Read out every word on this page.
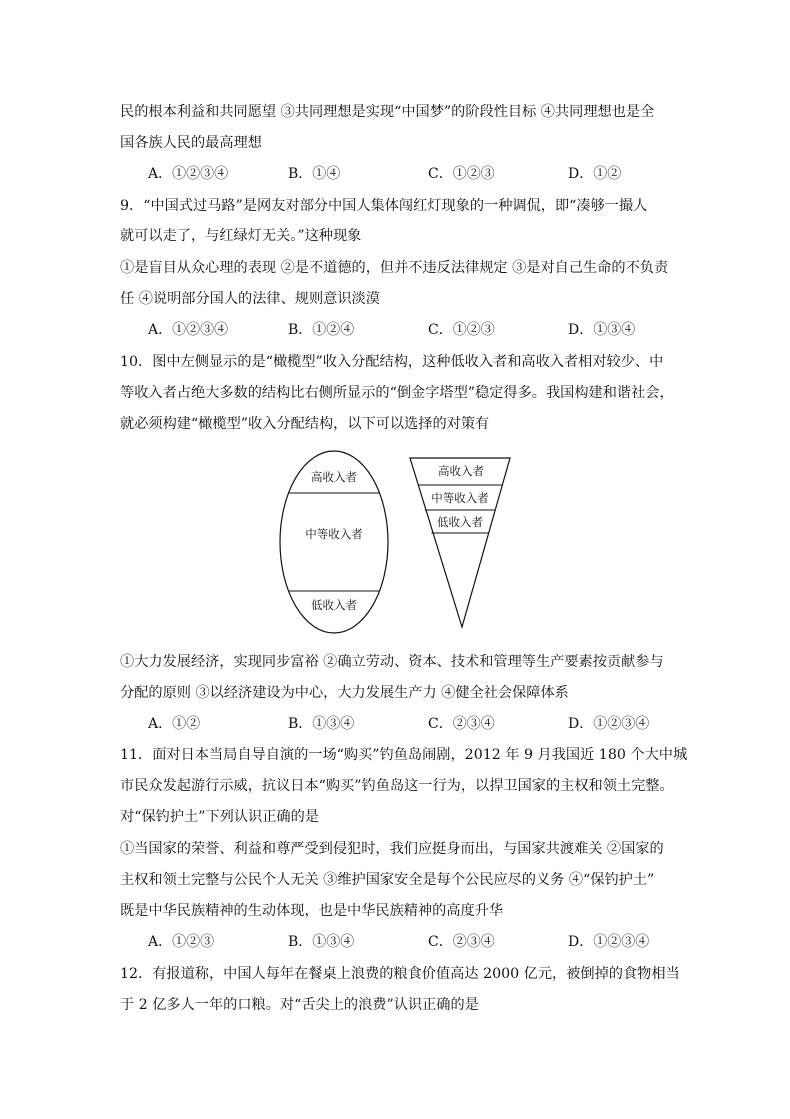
民的根本利益和共同愿望 ③共同理想是实现“中国梦”的阶段性目标 ④共同理想也是全
国各族人民的最高理想
A．①②③④	B．①④	C．①②③	D．①②
9．“中国式过马路”是网友对部分中国人集体闯红灯现象的一种调侃，即“凑够一撮人
就可以走了，与红绿灯无关。”这种现象
①是盲目从众心理的表现 ②是不道德的，但并不违反法律规定 ③是对自己生命的不负责
任 ④说明部分国人的法律、规则意识淡漠
A．①②③④	B．①②④	C．①②③	D．①③④
10．图中左侧显示的是“橄榄型”收入分配结构，这种低收入者和高收入者相对较少、中
等收入者占绝大多数的结构比右侧所显示的“倒金字塔型”稳定得多。我国构建和谐社会，
就必须构建“橄榄型”收入分配结构，以下可以选择的对策有
高收入者
中等收入者
低收入者
高收入者
中等收入者
低收入者
①大力发展经济，实现同步富裕 ②确立劳动、资本、技术和管理等生产要素按贡献参与
分配的原则 ③以经济建设为中心，大力发展生产力 ④健全社会保障体系
A．①②	B．①③④	C．②③④	D．①②③④
11．面对日本当局自导自演的一场“购买”钓鱼岛闹剧，2012 年 9 月我国近 180 个大中城
市民众发起游行示威，抗议日本“购买”钓鱼岛这一行为，以捍卫国家的主权和领土完整。
对“保钓护土”下列认识正确的是
①当国家的荣誉、利益和尊严受到侵犯时，我们应挺身而出，与国家共渡难关 ②国家的
主权和领土完整与公民个人无关 ③维护国家安全是每个公民应尽的义务 ④“保钓护土”
既是中华民族精神的生动体现，也是中华民族精神的高度升华
A．①②③	B．①③④	C．②③④	D．①②③④
12．有报道称，中国人每年在餐桌上浪费的粮食价值高达 2000 亿元，被倒掉的食物相当
于 2 亿多人一年的口粮。对“舌尖上的浪费”认识正确的是
